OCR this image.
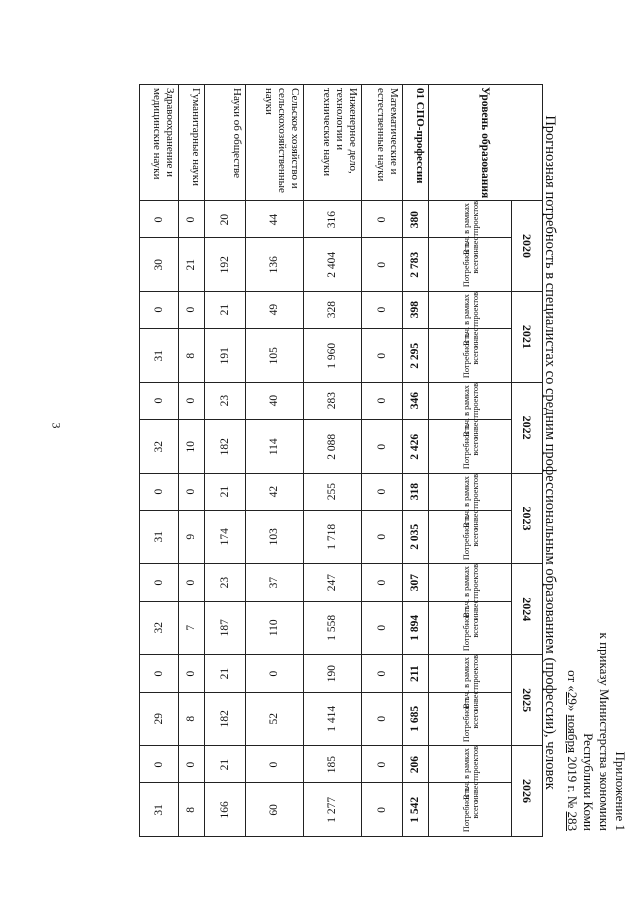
3
Приложение 1
к приказу Министерства экономики
Республики Коми
от «29» ноября 2019 г. № 283
Прогнозная потребность в специалистах со средним профессиональным образованием (профессии), человек
Уровень образования	2020		2021		2022		2023		2024		2025		2026	
	В т.ч. в рамках инвестпроектов	Потребность всего	В т.ч. в рамках инвестпроектов	Потребность всего	В т.ч. в рамках инвестпроектов	Потребность всего	В т.ч. в рамках инвестпроектов	Потребность всего	В т.ч. в рамках инвестпроектов	Потребность всего	В т.ч. в рамках инвестпроектов	Потребность всего	В т.ч. в рамках инвестпроектов	Потребность всего
01 СПО-профессии	380	2 783	398	2 295	346	2 426	318	2 035	307	1 894	211	1 685	206	1 542
Математические и естественные науки	0	0	0	0	0	0	0	0	0	0	0	0	0	0
Инженерное дело, технологии и технические науки	316	2 404	328	1 960	283	2 088	255	1 718	247	1 558	190	1 414	185	1 277
Сельское хозяйство и сельскохозяйственные науки	44	136	49	105	40	114	42	103	37	110	0	52	0	60
Науки об обществе	20	192	21	191	23	182	21	174	23	187	21	182	21	166
Гуманитарные науки	0	21	0	8	0	10	0	9	0	7	0	8	0	8
Здравоохранение и медицинские науки	0	30	0	31	0	32	0	31	0	32	0	29	0	31
